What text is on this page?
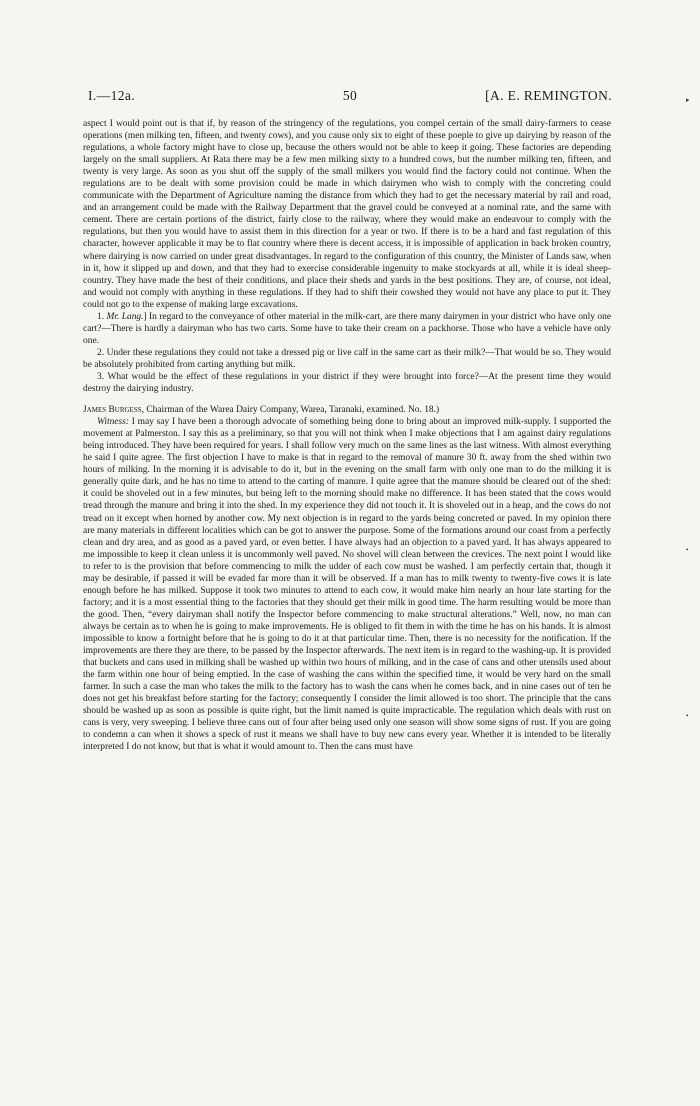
I.—12a.	50	[A. E. REMINGTON.	▸
•
•

aspect I would point out is that if, by reason of the stringency of the regulations, you compel certain of the small dairy-farmers to cease operations (men milking ten, fifteen, and twenty cows), and you cause only six to eight of these poeple to give up dairying by reason of the regulations, a whole factory might have to close up, because the others would not be able to keep it going. These factories are depending largely on the small suppliers. At Rata there may be a few men milking sixty to a hundred cows, but the number milking ten, fifteen, and twenty is very large. As soon as you shut off the supply of the small milkers you would find the factory could not continue. When the regulations are to be dealt with some provision could be made in which dairymen who wish to comply with the concreting could communicate with the Department of Agriculture naming the distance from which they had to get the necessary material by rail and road, and an arrangement could be made with the Railway Department that the gravel could be conveyed at a nominal rate, and the same with cement. There are certain portions of the district, fairly close to the railway, where they would make an endeavour to comply with the regulations, but then you would have to assist them in this direction for a year or two. If there is to be a hard and fast regulation of this character, however applicable it may be to flat country where there is decent access, it is impossible of application in back broken country, where dairying is now carried on under great disadvantages. In regard to the configuration of this country, the Minister of Lands saw, when in it, how it slipped up and down, and that they had to exercise considerable ingenuity to make stockyards at all, while it is ideal sheep-country. They have made the best of their conditions, and place their sheds and yards in the best positions. They are, of course, not ideal, and would not comply with anything in these regulations. If they had to shift their cowshed they would not have any place to put it. They could not go to the expense of making large excavations.

1. Mr. Lang.] In regard to the conveyance of other material in the milk-cart, are there many dairymen in your district who have only one cart?—There is hardly a dairyman who has two carts. Some have to take their cream on a packhorse. Those who have a vehicle have only one.

2. Under these regulations they could not take a dressed pig or live calf in the same cart as their milk?—That would be so. They would be absolutely prohibited from carting anything but milk.

3. What would be the effect of these regulations in your district if they were brought into force?—At the present time they would destroy the dairying industry.

James Burgess, Chairman of the Warea Dairy Company, Warea, Taranaki, examined. No. 18.)

Witness: I may say I have been a thorough advocate of something being done to bring about an improved milk-supply. I supported the movement at Palmerston. I say this as a preliminary, so that you will not think when I make objections that I am against dairy regulations being introduced. They have been required for years. I shall follow very much on the same lines as the last witness. With almost everything he said I quite agree. The first objection I have to make is that in regard to the removal of manure 30 ft. away from the shed within two hours of milking. In the morning it is advisable to do it, but in the evening on the small farm with only one man to do the milking it is generally quite dark, and he has no time to attend to the carting of manure. I quite agree that the manure should be cleared out of the shed: it could be shoveled out in a few minutes, but being left to the morning should make no difference. It has been stated that the cows would tread through the manure and bring it into the shed. In my experience they did not touch it. It is shoveled out in a heap, and the cows do not tread on it except when horned by another cow. My next objection is in regard to the yards being concreted or paved. In my opinion there are many materials in different localities which can be got to answer the purpose. Some of the formations around our coast from a perfectly clean and dry area, and as good as a paved yard, or even better. I have always had an objection to a paved yard. It has always appeared to me impossible to keep it clean unless it is uncommonly well paved. No shovel will clean between the crevices. The next point I would like to refer to is the provision that before commencing to milk the udder of each cow must be washed. I am perfectly certain that, though it may be desirable, if passed it will be evaded far more than it will be observed. If a man has to milk twenty to twenty-five cows it is late enough before he has milked. Suppose it took two minutes to attend to each cow, it would make him nearly an hour late starting for the factory; and it is a most essential thing to the factories that they should get their milk in good time. The harm resulting would be more than the good. Then, “every dairyman shall notify the Inspector before commencing to make structural alterations.” Well, now, no man can always be certain as to when he is going to make improvements. He is obliged to fit them in with the time he has on his hands. It is almost impossible to know a fortnight before that he is going to do it at that particular time. Then, there is no necessity for the notification. If the improvements are there they are there, to be passed by the Inspector afterwards. The next item is in regard to the washing-up. It is provided that buckets and cans used in milking shall be washed up within two hours of milking, and in the case of cans and other utensils used about the farm within one hour of being emptied. In the case of washing the cans within the specified time, it would be very hard on the small farmer. In such a case the man who takes the milk to the factory has to wash the cans when he comes back, and in nine cases out of ten he does not get his breakfast before starting for the factory; consequently I consider the limit allowed is too short. The principle that the cans should be washed up as soon as possible is quite right, but the limit named is quite impracticable. The regulation which deals with rust on cans is very, very sweeping. I believe three cans out of four after being used only one season will show some signs of rust. If you are going to condemn a can when it shows a speck of rust it means we shall have to buy new cans every year. Whether it is intended to be literally interpreted I do not know, but that is what it would amount to. Then the cans must have
